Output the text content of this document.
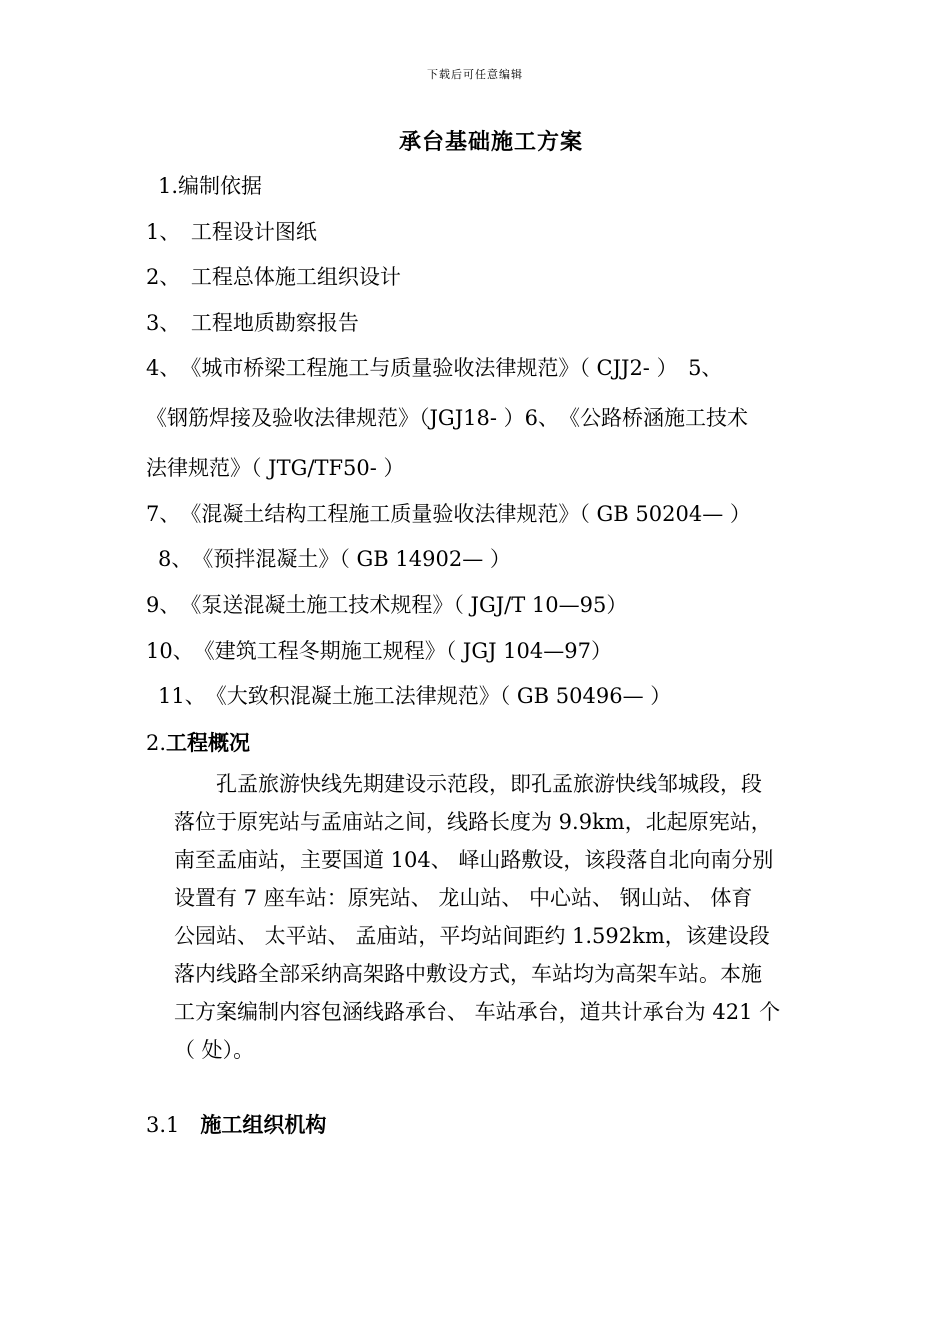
下载后可任意编辑
承台基础施工方案
1.编制依据
1、　工程设计图纸
2、　工程总体施工组织设计
3、　工程地质勘察报告
4、　《城市桥梁工程施工与质量验收法律规范》（ CJJ2- ）　5、
《钢筋焊接及验收法律规范》（JGJ18- ）6、　《公路桥涵施工技术
法律规范》（ JTG/TF50- ）
7、　《混凝土结构工程施工质量验收法律规范》（ GB 50204— ）
8、　《预拌混凝土》（ GB 14902— ）
9、　《泵送混凝土施工技术规程》（ JGJ/T 10—95）
10、　《建筑工程冬期施工规程》（ JGJ 104—97）
11、　《大致积混凝土施工法律规范》（ GB 50496— ）
2.工程概况
　　孔孟旅游快线先期建设示范段，即孔孟旅游快线邹城段，段
落位于原宪站与孟庙站之间，线路长度为 9.9km，北起原宪站，
南至孟庙站，主要国道 104、 峄山路敷设，该段落自北向南分别
设置有 7 座车站：原宪站、 龙山站、 中心站、 钢山站、 体育
公园站、 太平站、 孟庙站，平均站间距约 1.592km，该建设段
落内线路全部采纳高架路中敷设方式，车站均为高架车站。本施
工方案编制内容包涵线路承台、 车站承台，道共计承台为 421 个
（ 处）。
3.1  施工组织机构
